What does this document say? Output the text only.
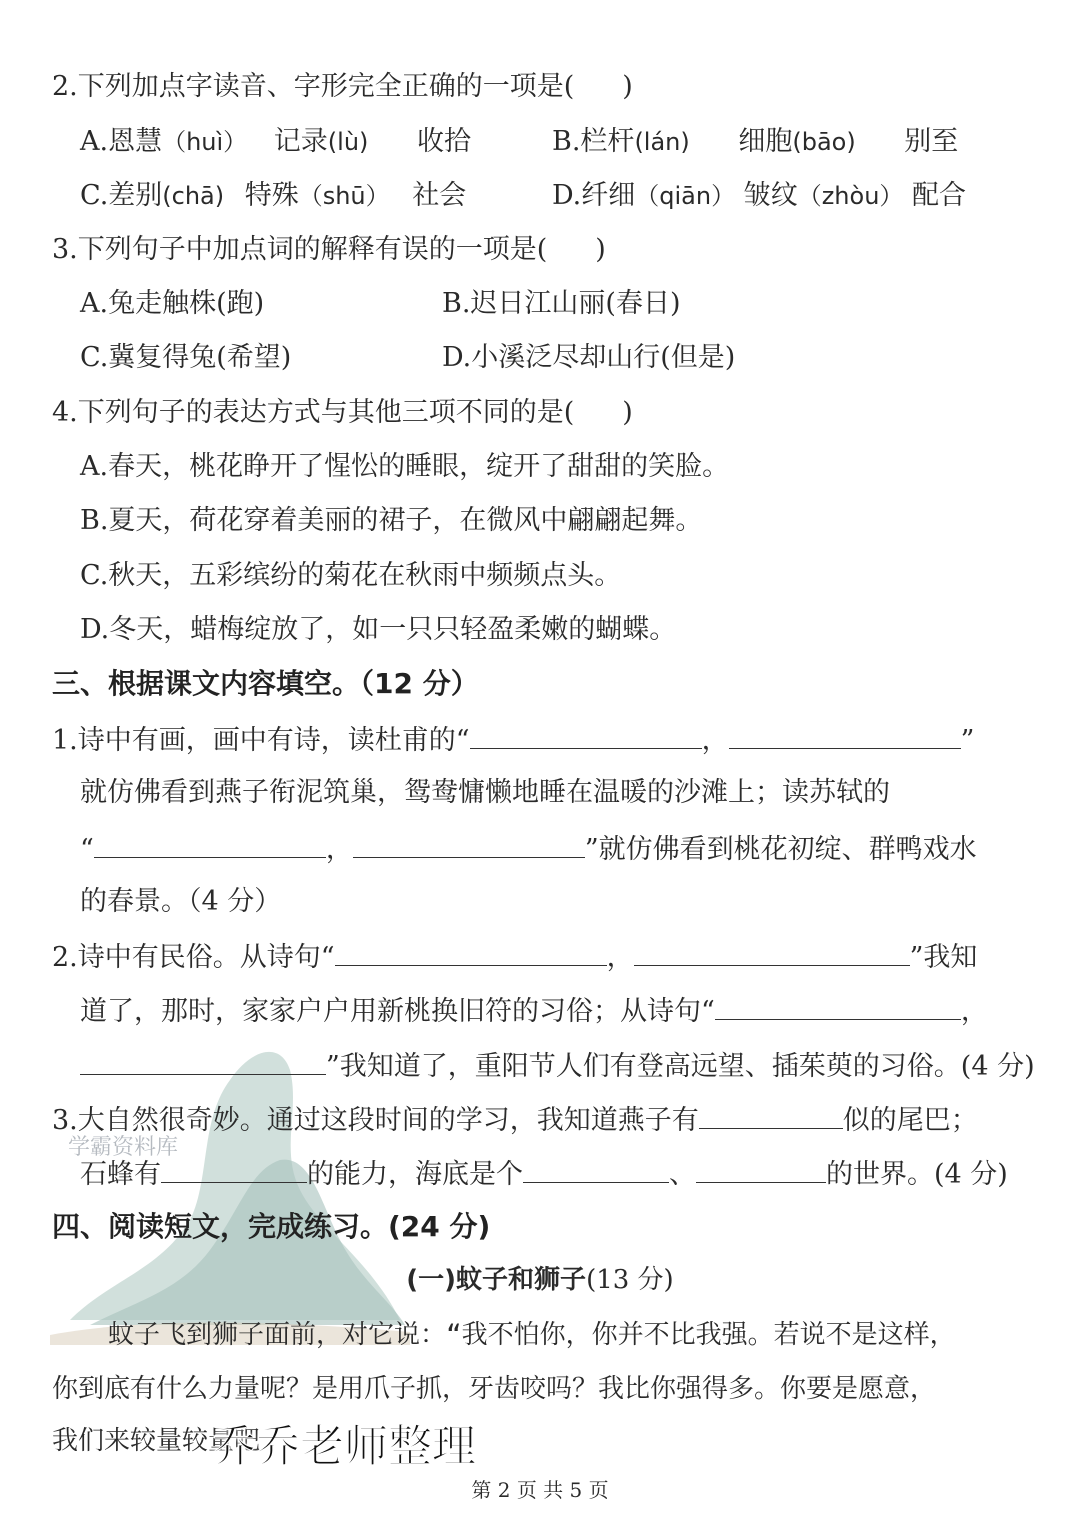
学霸资料库
2.下列加点字读音、字形完全正确的一项是( )
A.恩慧（huì） 记录(lù) 收拾	B.栏杆(lán) 细胞(bāo) 别至
C.差别(chā) 特殊（shū） 社会	D.纤细（qiān） 皱纹（zhòu） 配合
3.下列句子中加点词的解释有误的一项是( )
A.兔走触株(跑)	B.迟日江山丽(春日)
C.冀复得兔(希望)	D.小溪泛尽却山行(但是)
4.下列句子的表达方式与其他三项不同的是( )
A.春天，桃花睁开了惺忪的睡眼，绽开了甜甜的笑脸。
B.夏天，荷花穿着美丽的裙子，在微风中翩翩起舞。
C.秋天，五彩缤纷的菊花在秋雨中频频点头。
D.冬天，蜡梅绽放了，如一只只轻盈柔嫩的蝴蝶。
三、根据课文内容填空。（12 分）
1.诗中有画，画中有诗，读杜甫的“	，	”
就仿佛看到燕子衔泥筑巢，鸳鸯慵懒地睡在温暖的沙滩上；读苏轼的
“	，	”就仿佛看到桃花初绽、群鸭戏水
的春景。（4 分）
2.诗中有民俗。从诗句“	，	”我知
道了，那时，家家户户用新桃换旧符的习俗；从诗句“	，
”我知道了，重阳节人们有登高远望、插茱萸的习俗。(4 分)
3.大自然很奇妙。通过这段时间的学习，我知道燕子有	似的尾巴；
石蜂有	的能力，海底是个	、	的世界。(4 分)
四、阅读短文，完成练习。(24 分)
(一)蚊子和狮子(13 分)
蚊子飞到狮子面前，对它说：“我不怕你，你并不比我强。若说不是这样，
你到底有什么力量呢？是用爪子抓，牙齿咬吗？我比你强得多。你要是愿意，
我们来较量较量吧
乔乔老师整理
第 2 页 共 5 页
